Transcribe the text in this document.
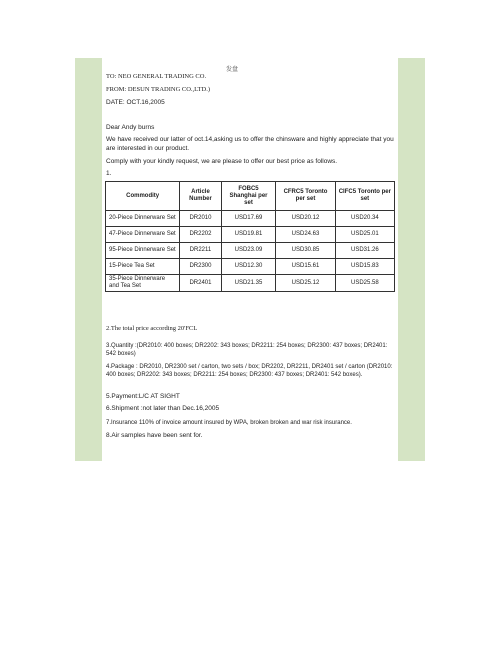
发盘
TO: NEO GENERAL TRADING CO.
FROM: DESUN TRADING CO.,LTD.)
DATE: OCT.16,2005
Dear Andy burns
We have received our latter of oct.14,asking us to offer the chinsware and highly appreciate that you are interested in our product.
Comply with your kindly request, we are please to offer our best price as follows.
1.
Commodity	Article Number	FOBC5 Shanghai per set	CFRC5 Toronto per set	CIFC5 Toronto per set
20-Piece Dinnerware Set	DR2010	USD17.69	USD20.12	USD20.34
47-Piece Dinnerware Set	DR2202	USD19.81	USD24.63	USD25.01
95-Piece Dinnerware Set	DR2211	USD23.09	USD30.85	USD31.26
15-Piece Tea Set	DR2300	USD12.30	USD15.61	USD15.83
35-Piece Dinnerware and Tea Set	DR2401	USD21.35	USD25.12	USD25.58
2.The total price according 20'FCL
3.Quantity :(DR2010: 400 boxes; DR2202: 343 boxes; DR2211: 254 boxes; DR2300: 437 boxes; DR2401: 542 boxes)
4.Package : DR2010, DR2300 set / carton, two sets / box; DR2202, DR2211, DR2401 set / carton (DR2010: 400 boxes; DR2202: 343 boxes; DR2211: 254 boxes; DR2300: 437 boxes; DR2401: 542 boxes).
5.Payment:L/C AT SIGHT
6.Shipment :not later than Dec.16,2005
7.Insurance 110% of invoice amount insured by WPA, broken broken and war risk insurance.
8.Air samples have been sent for.
